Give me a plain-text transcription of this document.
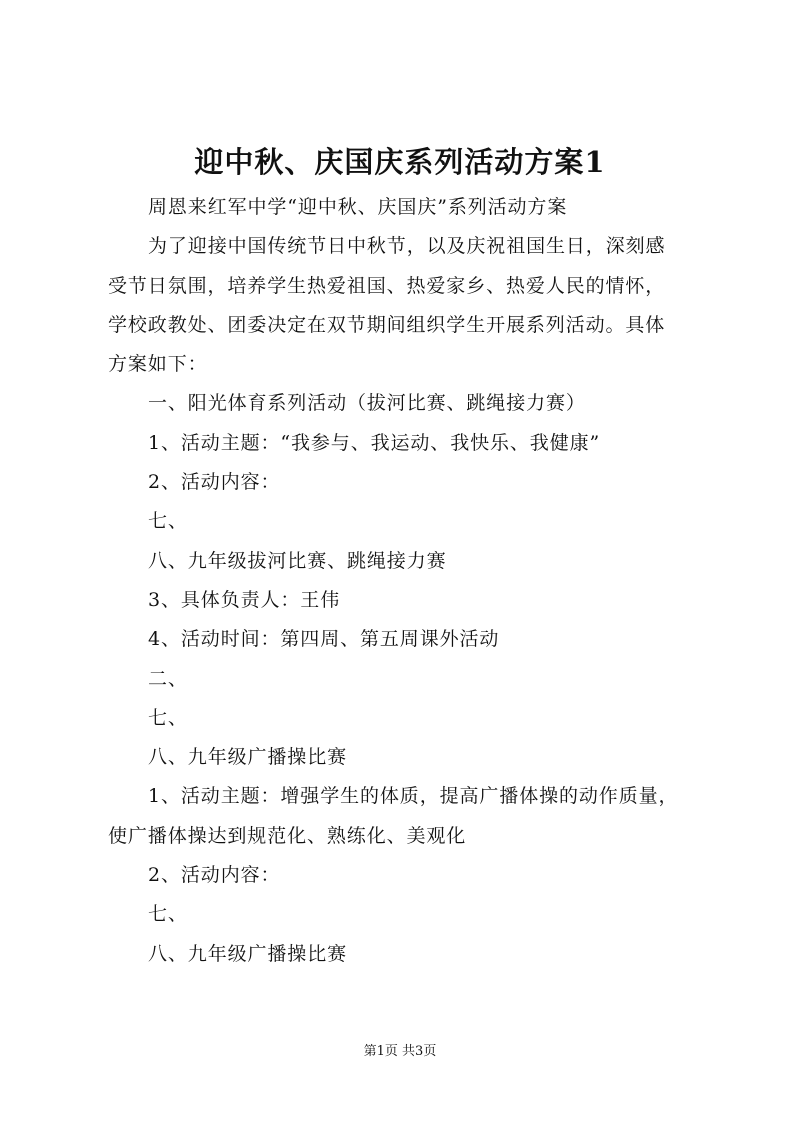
迎中秋、庆国庆系列活动方案1

周恩来红军中学“迎中秋、庆国庆”系列活动方案

为了迎接中国传统节日中秋节，以及庆祝祖国生日，深刻感

受节日氛围，培养学生热爱祖国、热爱家乡、热爱人民的情怀，

学校政教处、团委决定在双节期间组织学生开展系列活动。具体

方案如下：

一、阳光体育系列活动（拔河比赛、跳绳接力赛）

1、活动主题：“我参与、我运动、我快乐、我健康”

2、活动内容：

七、

八、九年级拔河比赛、跳绳接力赛

3、具体负责人：王伟

4、活动时间：第四周、第五周课外活动

二、

七、

八、九年级广播操比赛

1、活动主题：增强学生的体质，提高广播体操的动作质量，

使广播体操达到规范化、熟练化、美观化

2、活动内容：

七、

八、九年级广播操比赛

第1页 共3页
